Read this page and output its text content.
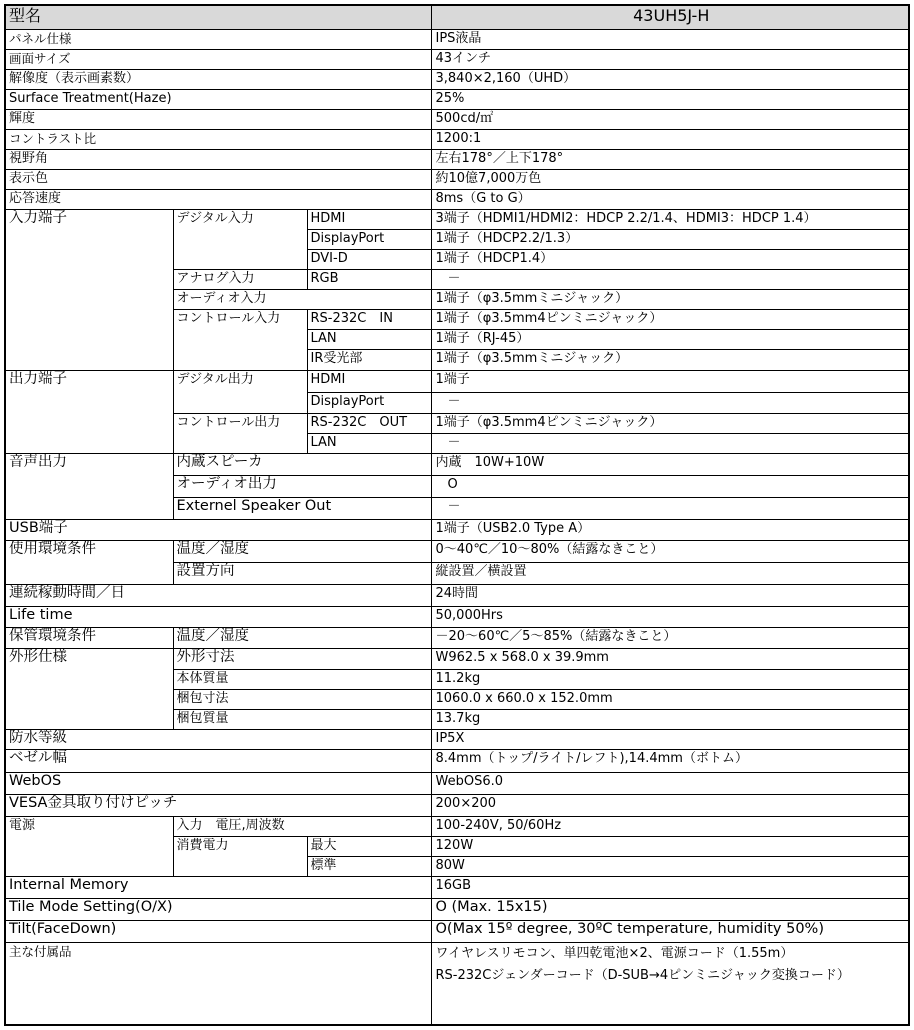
型名			43UH5J-H
パネル仕様			IPS液晶
画面サイズ			43インチ
解像度（表示画素数）			3,840×2,160（UHD）
Surface Treatment(Haze)			25%
輝度			500cd/㎡
コントラスト比			1200:1
視野角			左右178°／上下178°
表示色			約10億7,000万色
応答速度			8ms（G to G）
入力端子	デジタル入力	HDMI	3端子（HDMI1/HDMI2：HDCP 2.2/1.4、HDMI3：HDCP 1.4）
		DisplayPort	1端子（HDCP2.2/1.3）
		DVI-D	1端子（HDCP1.4）
	アナログ入力	RGB	－
	オーディオ入力		1端子（φ3.5mmミニジャック）
	コントロール入力	RS-232C　IN	1端子（φ3.5mm4ピンミニジャック）
		LAN	1端子（RJ-45）
		IR受光部	1端子（φ3.5mmミニジャック）
出力端子	デジタル出力	HDMI	1端子
		DisplayPort	－
	コントロール出力	RS-232C　OUT	1端子（φ3.5mm4ピンミニジャック）
		LAN	－
音声出力	内蔵スピーカ		内蔵　10W+10W
	オーディオ出力		O
	Externel Speaker Out		－
USB端子			1端子（USB2.0 Type A）
使用環境条件	温度／湿度		0～40℃／10～80%（結露なきこと）
	設置方向		縦設置／横設置
連続稼動時間／日			24時間
Life time			50,000Hrs
保管環境条件	温度／湿度		－20～60℃／5～85%（結露なきこと）
外形仕様	外形寸法		W962.5 x 568.0 x 39.9mm
	本体質量		11.2kg
	梱包寸法		1060.0 x 660.0 x 152.0mm
	梱包質量		13.7kg
防水等級			IP5X
ベゼル幅			8.4mm（トップ/ライト/レフト),14.4mm（ボトム）
WebOS			WebOS6.0
VESA金具取り付けピッチ			200×200
電源	入力　電圧,周波数		100-240V, 50/60Hz
	消費電力	最大	120W
		標準	80W
Internal Memory			16GB
Tile Mode Setting(O/X)			O (Max. 15x15)
Tilt(FaceDown)			O(Max 15º degree, 30ºC temperature, humidity 50%)
主な付属品			ワイヤレスリモコン、単四乾電池×2、電源コード（1.55m）
RS-232Cジェンダーコード（D-SUB→4ピンミニジャック変換コード）
